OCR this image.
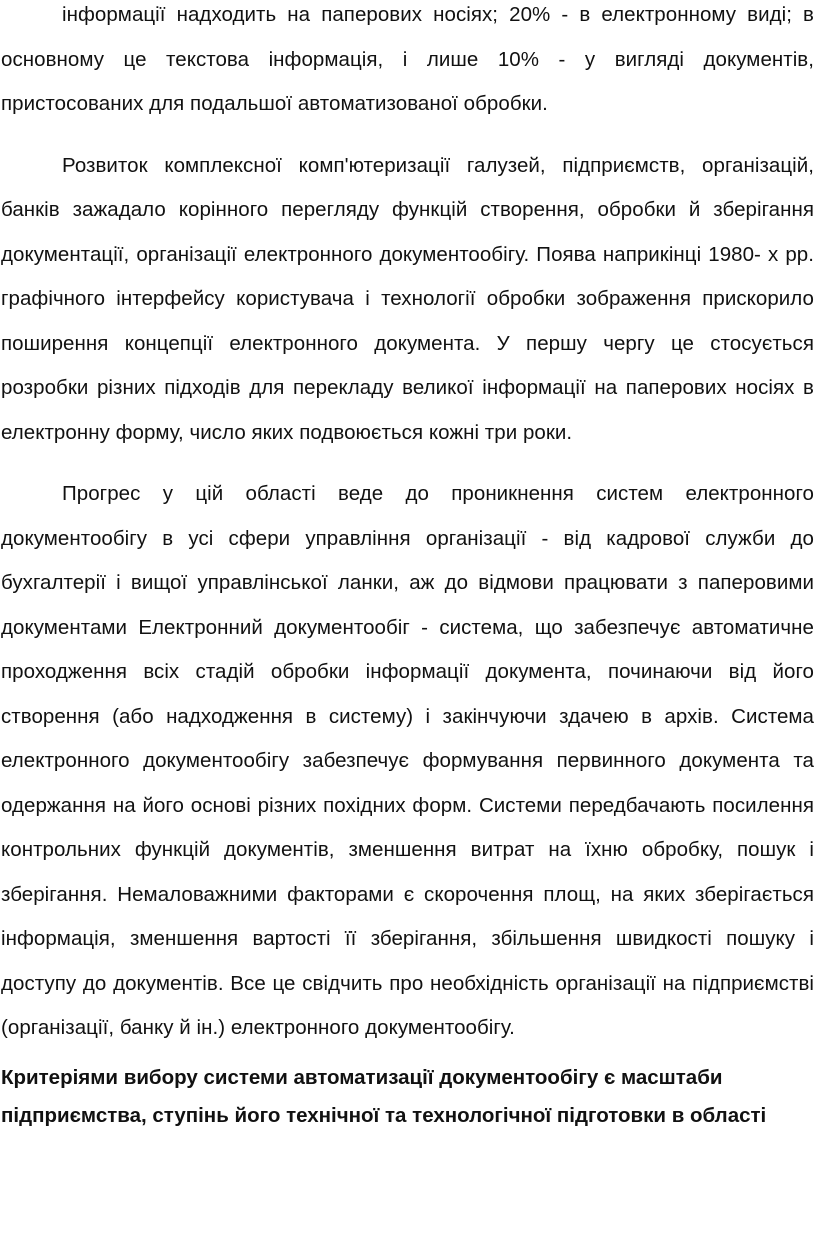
інформації надходить на паперових носіях; 20% - в електронному виді; в основному це текстова інформація, і лише 10% - у вигляді документів, пристосованих для подальшої автоматизованої обробки.

Розвиток комплексної комп'ютеризації галузей, підприємств, організацій, банків зажадало корінного перегляду функцій створення, обробки й зберігання документації, організації електронного документообігу. Поява наприкінці 1980- х рр. графічного інтерфейсу користувача і технології обробки зображення прискорило поширення концепції електронного документа. У першу чергу це стосується розробки різних підходів для перекладу великої інформації на паперових носіях в електронну форму, число яких подвоюється кожні три роки.

Прогрес у цій області веде до проникнення систем електронного документообігу в усі сфери управління організації - від кадрової служби до бухгалтерії і вищої управлінської ланки, аж до відмови працювати з паперовими документами Електронний документообіг - система, що забезпечує автоматичне проходження всіх стадій обробки інформації документа, починаючи від його створення (або надходження в систему) і закінчуючи здачею в архів. Система електронного документообігу забезпечує формування первинного документа та одержання на його основі різних похідних форм. Системи передбачають посилення контрольних функцій документів, зменшення витрат на їхню обробку, пошук і зберігання. Немаловажними факторами є скорочення площ, на яких зберігається інформація, зменшення вартості її зберігання, збільшення швидкості пошуку і доступу до документів. Все це свідчить про необхідність організації на підприємстві (організації, банку й ін.) електронного документообігу.

Критеріями вибору системи автоматизації документообігу є масштаби підприємства, ступінь його технічної та технологічної підготовки в області
